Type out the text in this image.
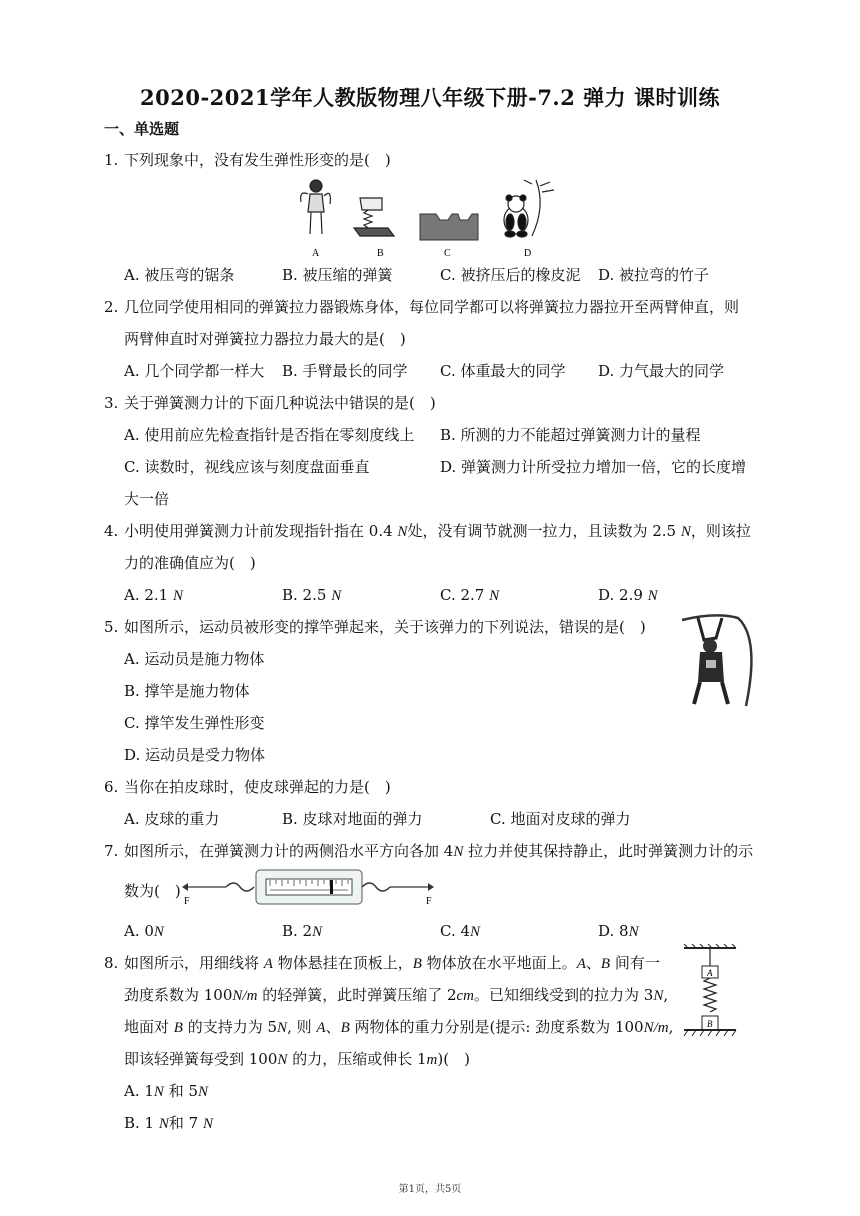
2020-2021学年人教版物理八年级下册-7.2 弹力 课时训练
一、单选题
1. 下列现象中，没有发生弹性形变的是(　)
A	B	C	D
A. 被压弯的锯条	B. 被压缩的弹簧	C. 被挤压后的橡皮泥 D. 被拉弯的竹子
2. 几位同学使用相同的弹簧拉力器锻炼身体，每位同学都可以将弹簧拉力器拉开至两臂伸直，则
两臂伸直时对弹簧拉力器拉力最大的是(　)
A. 几个同学都一样大 B. 手臂最长的同学 C. 体重最大的同学 D. 力气最大的同学
3. 关于弹簧测力计的下面几种说法中错误的是(　)
A. 使用前应先检查指针是否指在零刻度线上 B. 所测的力不能超过弹簧测力计的量程
C. 读数时，视线应该与刻度盘面垂直	D. 弹簧测力计所受拉力增加一倍，它的长度增
大一倍
4. 小明使用弹簧测力计前发现指针指在 0.4 N处，没有调节就测一拉力，且读数为 2.5 N，则该拉
力的准确值应为(　)
A. 2.1 N	B. 2.5 N	C. 2.7 N	D. 2.9 N
5. 如图所示，运动员被形变的撑竿弹起来，关于该弹力的下列说法，错误的是(　)
A. 运动员是施力物体
B. 撑竿是施力物体
C. 撑竿发生弹性形变
D. 运动员是受力物体
6. 当你在拍皮球时，使皮球弹起的力是(　)
A. 皮球的重力	B. 皮球对地面的弹力	C. 地面对皮球的弹力
7. 如图所示，在弹簧测力计的两侧沿水平方向各加 4N 拉力并使其保持静止，此时弹簧测力计的示
数为(　)
F	F
A. 0N	B. 2N	C. 4N	D. 8N
8. 如图所示，用细线将 A 物体悬挂在顶板上，B 物体放在水平地面上。A、B 间有一
劲度系数为 100N/m 的轻弹簧，此时弹簧压缩了 2cm。已知细线受到的拉力为 3N,
地面对 B 的支持力为 5N, 则 A、B 两物体的重力分别是(提示: 劲度系数为 100N/m,
即该轻弹簧每受到 100N 的力，压缩或伸长 1m)(　)
A
B
A. 1N 和 5N
B. 1 N和 7 N
第1页，共5页
